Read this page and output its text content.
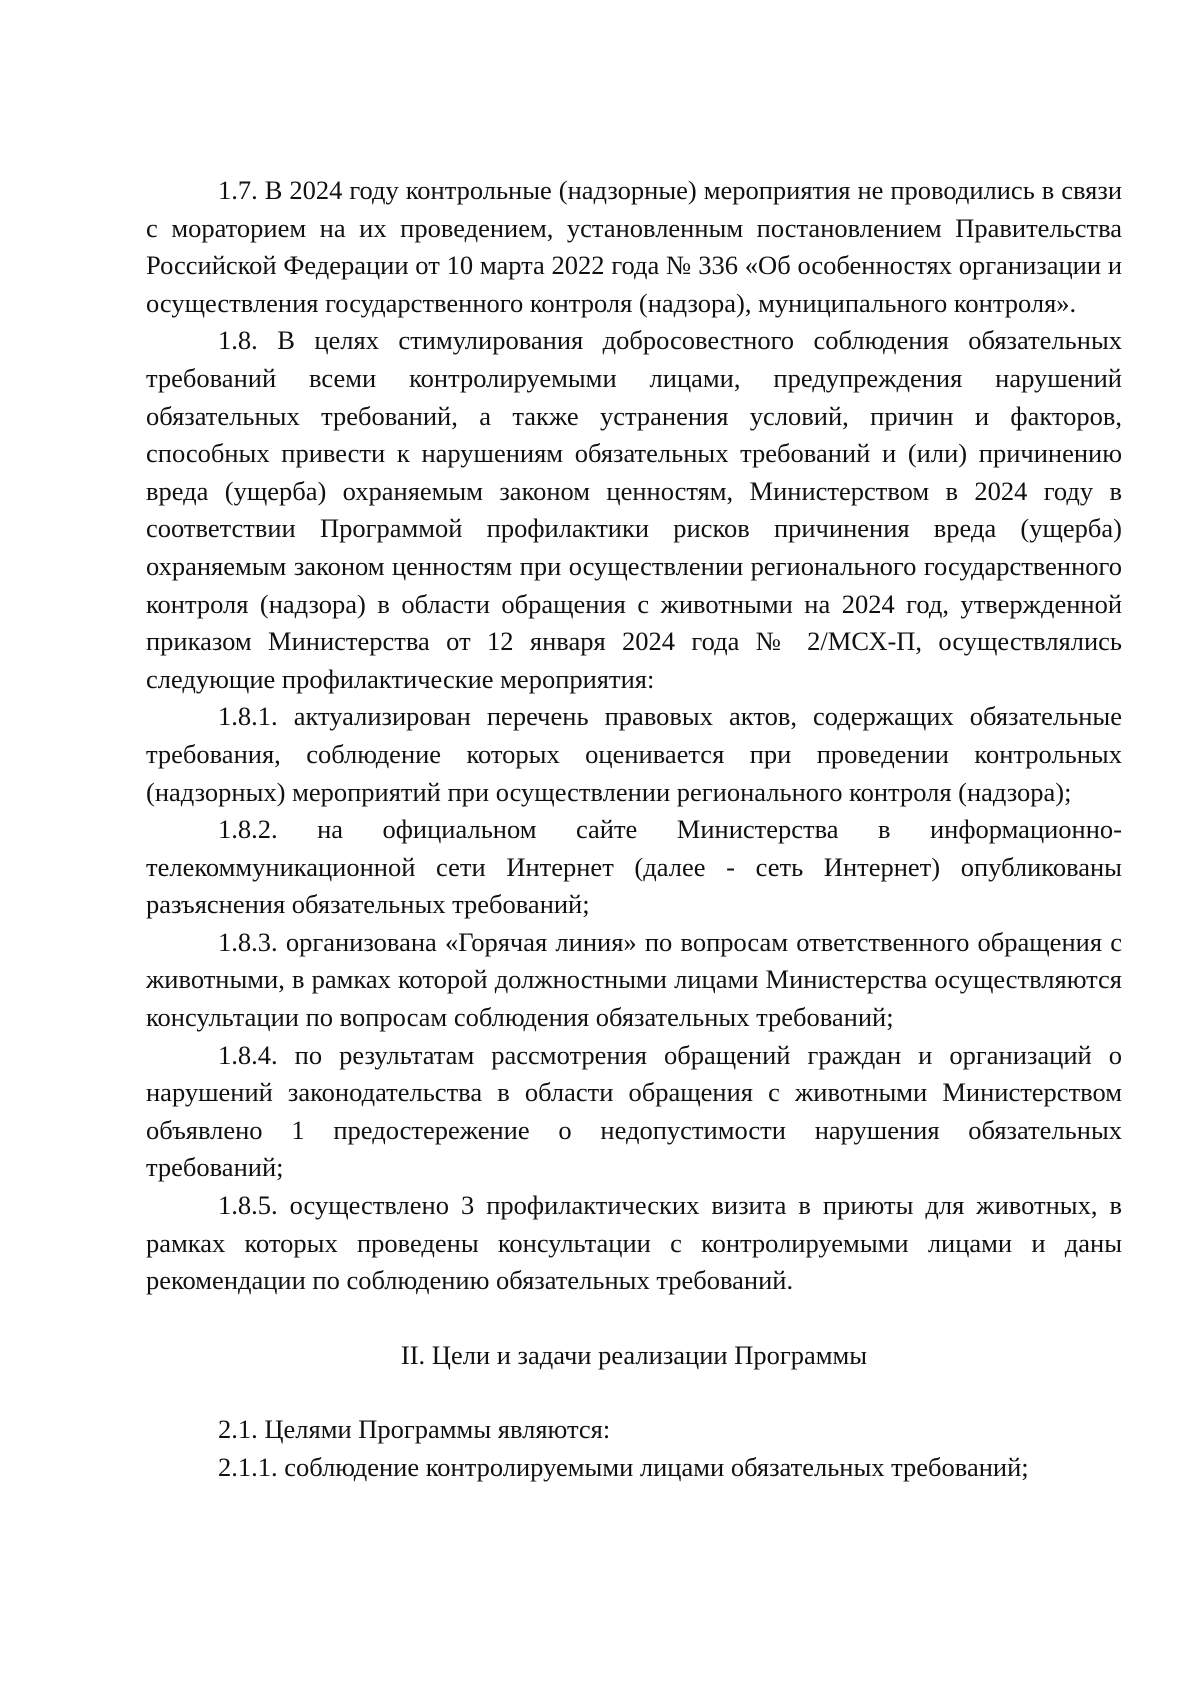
1.7. В 2024 году контрольные (надзорные) мероприятия не проводились в связи с мораторием на их проведением, установленным постановлением Правительства Российской Федерации от 10 марта 2022 года № 336 «Об особенностях организации и осуществления государственного контроля (надзора), муниципального контроля».

1.8. В целях стимулирования добросовестного соблюдения обязательных требований всеми контролируемыми лицами, предупреждения нарушений обязательных требований, а также устранения условий, причин и факторов, способных привести к нарушениям обязательных требований и (или) причинению вреда (ущерба) охраняемым законом ценностям, Министерством в 2024 году в соответствии Программой профилактики рисков причинения вреда (ущерба) охраняемым законом ценностям при осуществлении регионального государственного контроля (надзора) в области обращения с животными на 2024 год, утвержденной приказом Министерства от 12 января 2024 года № 2/МСХ-П, осуществлялись следующие профилактические мероприятия:

1.8.1. актуализирован перечень правовых актов, содержащих обязательные требования, соблюдение которых оценивается при проведении контрольных (надзорных) мероприятий при осуществлении регионального контроля (надзора);

1.8.2. на официальном сайте Министерства в информационно-телекоммуникационной сети Интернет (далее - сеть Интернет) опубликованы разъяснения обязательных требований;

1.8.3. организована «Горячая линия» по вопросам ответственного обращения с животными, в рамках которой должностными лицами Министерства осуществляются консультации по вопросам соблюдения обязательных требований;

1.8.4. по результатам рассмотрения обращений граждан и организаций о нарушений законодательства в области обращения с животными Министерством объявлено 1 предостережение о недопустимости нарушения обязательных требований;

1.8.5. осуществлено 3 профилактических визита в приюты для животных, в рамках которых проведены консультации с контролируемыми лицами и даны рекомендации по соблюдению обязательных требований.

II. Цели и задачи реализации Программы

2.1. Целями Программы являются:

2.1.1. соблюдение контролируемыми лицами обязательных требований;
